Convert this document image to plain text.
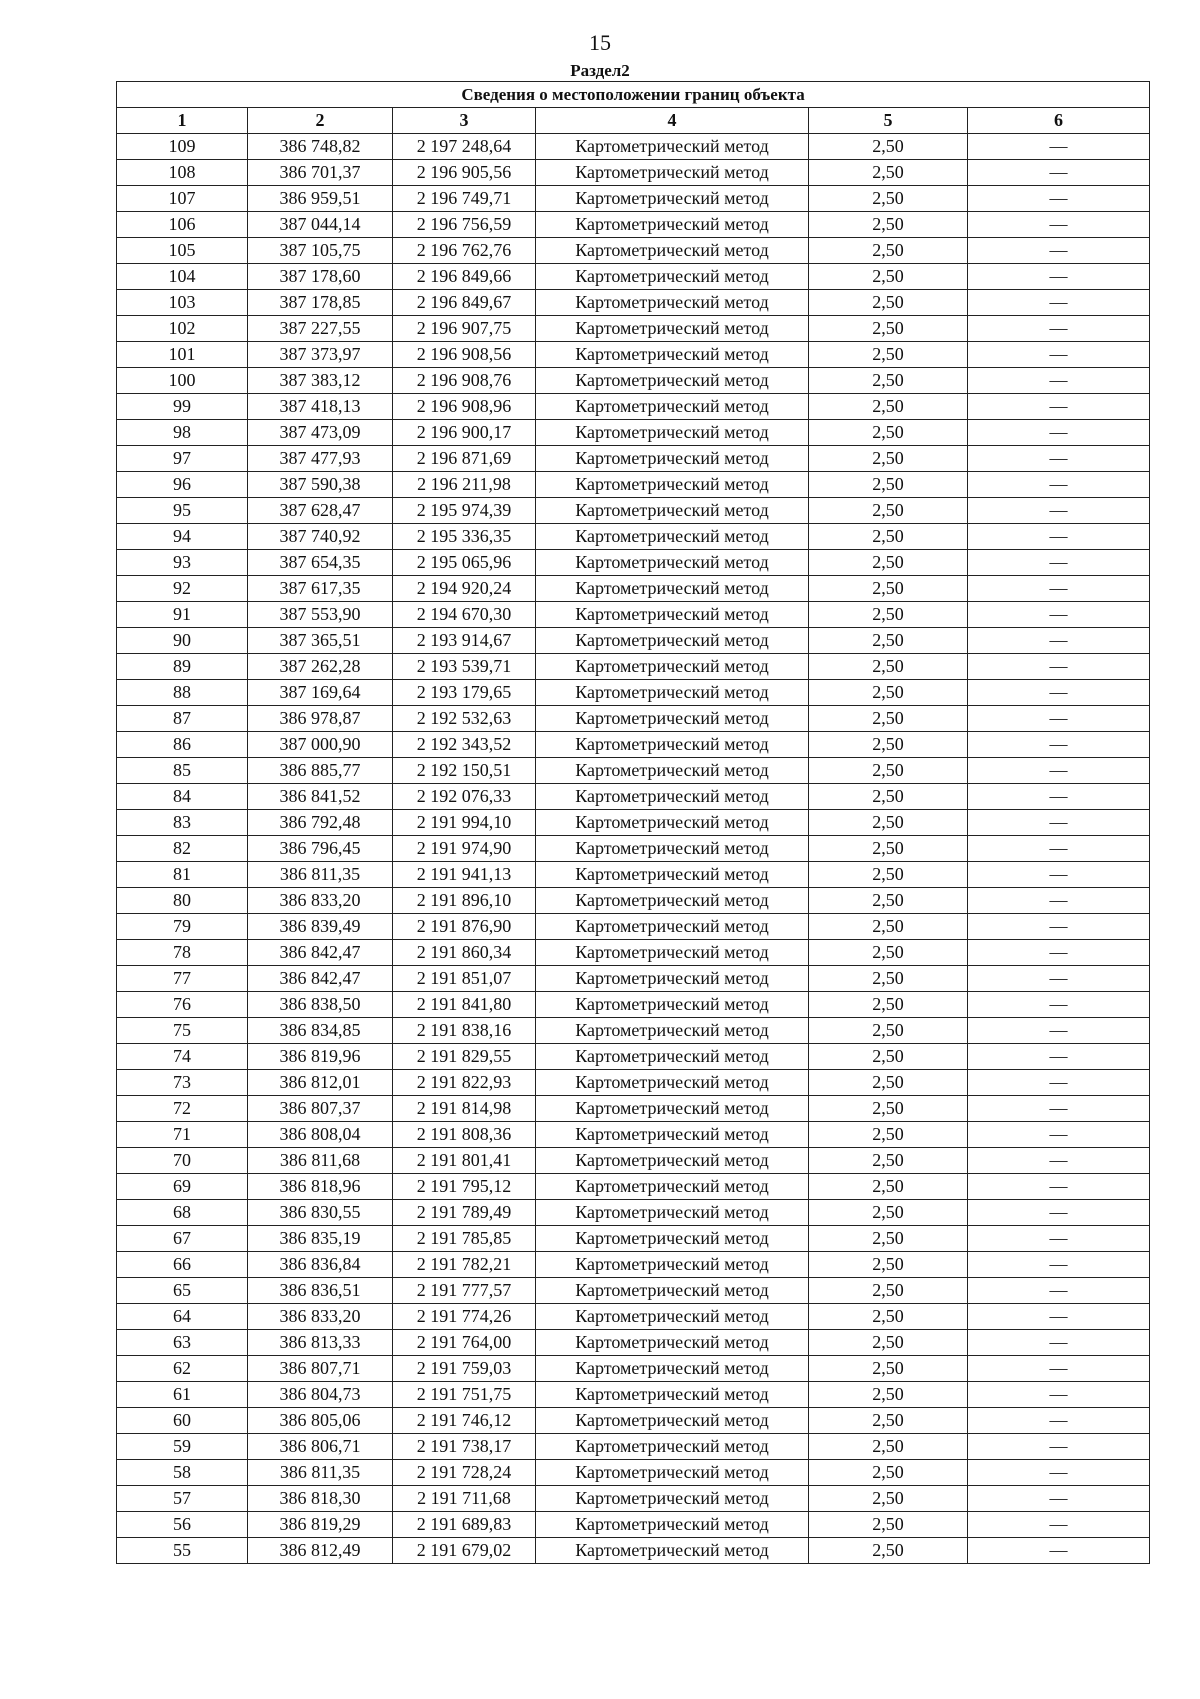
15
Раздел2
Сведения о местоположении границ объекта					
1	2	3	4	5	6
109	386 748,82	2 197 248,64	Картометрический метод	2,50	—
108	386 701,37	2 196 905,56	Картометрический метод	2,50	—
107	386 959,51	2 196 749,71	Картометрический метод	2,50	—
106	387 044,14	2 196 756,59	Картометрический метод	2,50	—
105	387 105,75	2 196 762,76	Картометрический метод	2,50	—
104	387 178,60	2 196 849,66	Картометрический метод	2,50	—
103	387 178,85	2 196 849,67	Картометрический метод	2,50	—
102	387 227,55	2 196 907,75	Картометрический метод	2,50	—
101	387 373,97	2 196 908,56	Картометрический метод	2,50	—
100	387 383,12	2 196 908,76	Картометрический метод	2,50	—
99	387 418,13	2 196 908,96	Картометрический метод	2,50	—
98	387 473,09	2 196 900,17	Картометрический метод	2,50	—
97	387 477,93	2 196 871,69	Картометрический метод	2,50	—
96	387 590,38	2 196 211,98	Картометрический метод	2,50	—
95	387 628,47	2 195 974,39	Картометрический метод	2,50	—
94	387 740,92	2 195 336,35	Картометрический метод	2,50	—
93	387 654,35	2 195 065,96	Картометрический метод	2,50	—
92	387 617,35	2 194 920,24	Картометрический метод	2,50	—
91	387 553,90	2 194 670,30	Картометрический метод	2,50	—
90	387 365,51	2 193 914,67	Картометрический метод	2,50	—
89	387 262,28	2 193 539,71	Картометрический метод	2,50	—
88	387 169,64	2 193 179,65	Картометрический метод	2,50	—
87	386 978,87	2 192 532,63	Картометрический метод	2,50	—
86	387 000,90	2 192 343,52	Картометрический метод	2,50	—
85	386 885,77	2 192 150,51	Картометрический метод	2,50	—
84	386 841,52	2 192 076,33	Картометрический метод	2,50	—
83	386 792,48	2 191 994,10	Картометрический метод	2,50	—
82	386 796,45	2 191 974,90	Картометрический метод	2,50	—
81	386 811,35	2 191 941,13	Картометрический метод	2,50	—
80	386 833,20	2 191 896,10	Картометрический метод	2,50	—
79	386 839,49	2 191 876,90	Картометрический метод	2,50	—
78	386 842,47	2 191 860,34	Картометрический метод	2,50	—
77	386 842,47	2 191 851,07	Картометрический метод	2,50	—
76	386 838,50	2 191 841,80	Картометрический метод	2,50	—
75	386 834,85	2 191 838,16	Картометрический метод	2,50	—
74	386 819,96	2 191 829,55	Картометрический метод	2,50	—
73	386 812,01	2 191 822,93	Картометрический метод	2,50	—
72	386 807,37	2 191 814,98	Картометрический метод	2,50	—
71	386 808,04	2 191 808,36	Картометрический метод	2,50	—
70	386 811,68	2 191 801,41	Картометрический метод	2,50	—
69	386 818,96	2 191 795,12	Картометрический метод	2,50	—
68	386 830,55	2 191 789,49	Картометрический метод	2,50	—
67	386 835,19	2 191 785,85	Картометрический метод	2,50	—
66	386 836,84	2 191 782,21	Картометрический метод	2,50	—
65	386 836,51	2 191 777,57	Картометрический метод	2,50	—
64	386 833,20	2 191 774,26	Картометрический метод	2,50	—
63	386 813,33	2 191 764,00	Картометрический метод	2,50	—
62	386 807,71	2 191 759,03	Картометрический метод	2,50	—
61	386 804,73	2 191 751,75	Картометрический метод	2,50	—
60	386 805,06	2 191 746,12	Картометрический метод	2,50	—
59	386 806,71	2 191 738,17	Картометрический метод	2,50	—
58	386 811,35	2 191 728,24	Картометрический метод	2,50	—
57	386 818,30	2 191 711,68	Картометрический метод	2,50	—
56	386 819,29	2 191 689,83	Картометрический метод	2,50	—
55	386 812,49	2 191 679,02	Картометрический метод	2,50	—
